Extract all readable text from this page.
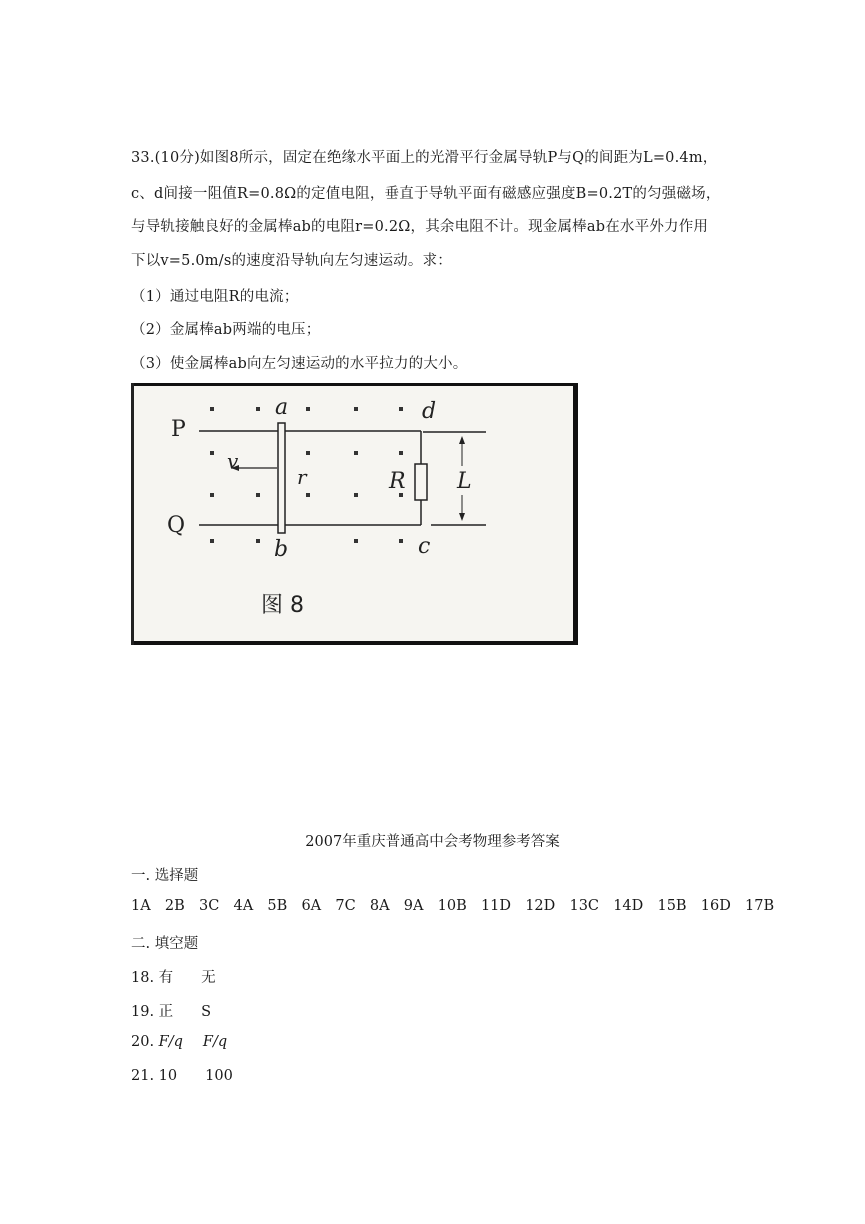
33.(10分)如图8所示，固定在绝缘水平面上的光滑平行金属导轨P与Q的间距为L=0.4m，
c、d间接一阻值R=0.8Ω的定值电阻，垂直于导轨平面有磁感应强度B=0.2T的匀强磁场，
与导轨接触良好的金属棒ab的电阻r=0.2Ω，其余电阻不计。现金属棒ab在水平外力作用
下以v=5.0m/s的速度沿导轨向左匀速运动。求：
（1）通过电阻R的电流；
（2）金属棒ab两端的电压；
（3）使金属棒ab向左匀速运动的水平拉力的大小。
P
Q
a
b	c
d
v
r	R L
图 8
2007年重庆普通高中会考物理参考答案
一. 选择题
1A 2B 3C 4A 5B 6A 7C 8A 9A 10B 11D 12D 13C 14D 15B 16D 17B
二. 填空题
18. 有 无
19. 正 S
20. F/q F/q
21. 10 100
